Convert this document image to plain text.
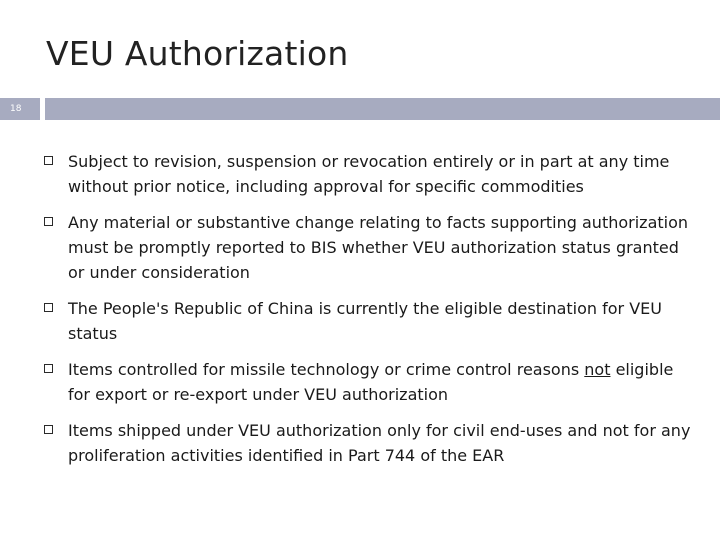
VEU Authorization
18
Subject to revision, suspension or revocation entirely or in part at any time without prior notice, including approval for specific commodities
Any material or substantive change relating to facts supporting authorization must be promptly reported to BIS whether VEU authorization status granted or under consideration
The People's Republic of China is currently the eligible destination for VEU status
Items controlled for missile technology or crime control reasons not eligible for export or re-export under VEU authorization
Items shipped under VEU authorization only for civil end-uses and not for any proliferation activities identified in Part 744 of the EAR
